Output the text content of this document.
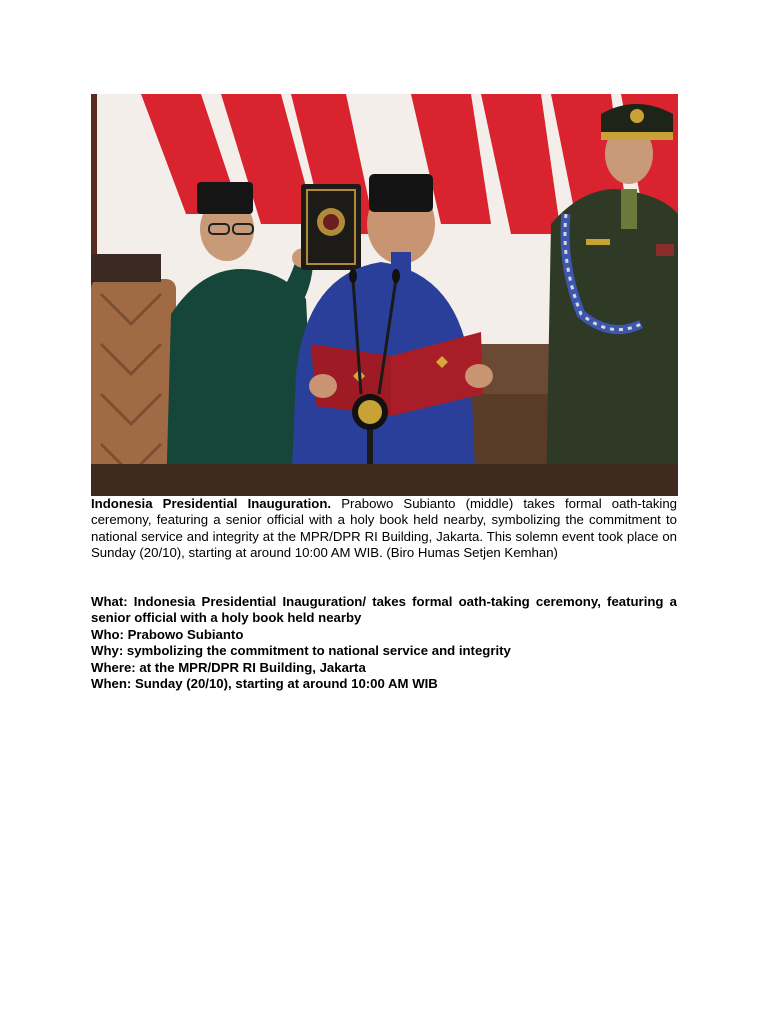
Indonesia Presidential Inauguration. Prabowo Subianto (middle) takes formal oath-taking ceremony, featuring a senior official with a holy book held nearby, symbolizing the commitment to national service and integrity at the MPR/DPR RI Building, Jakarta. This solemn event took place on Sunday (20/10), starting at around 10:00 AM WIB. (Biro Humas Setjen Kemhan)

What: Indonesia Presidential Inauguration/ takes formal oath-taking ceremony, featuring a senior official with a holy book held nearby

Who: Prabowo Subianto

Why: symbolizing the commitment to national service and integrity

Where: at the MPR/DPR RI Building, Jakarta

When: Sunday (20/10), starting at around 10:00 AM WIB
